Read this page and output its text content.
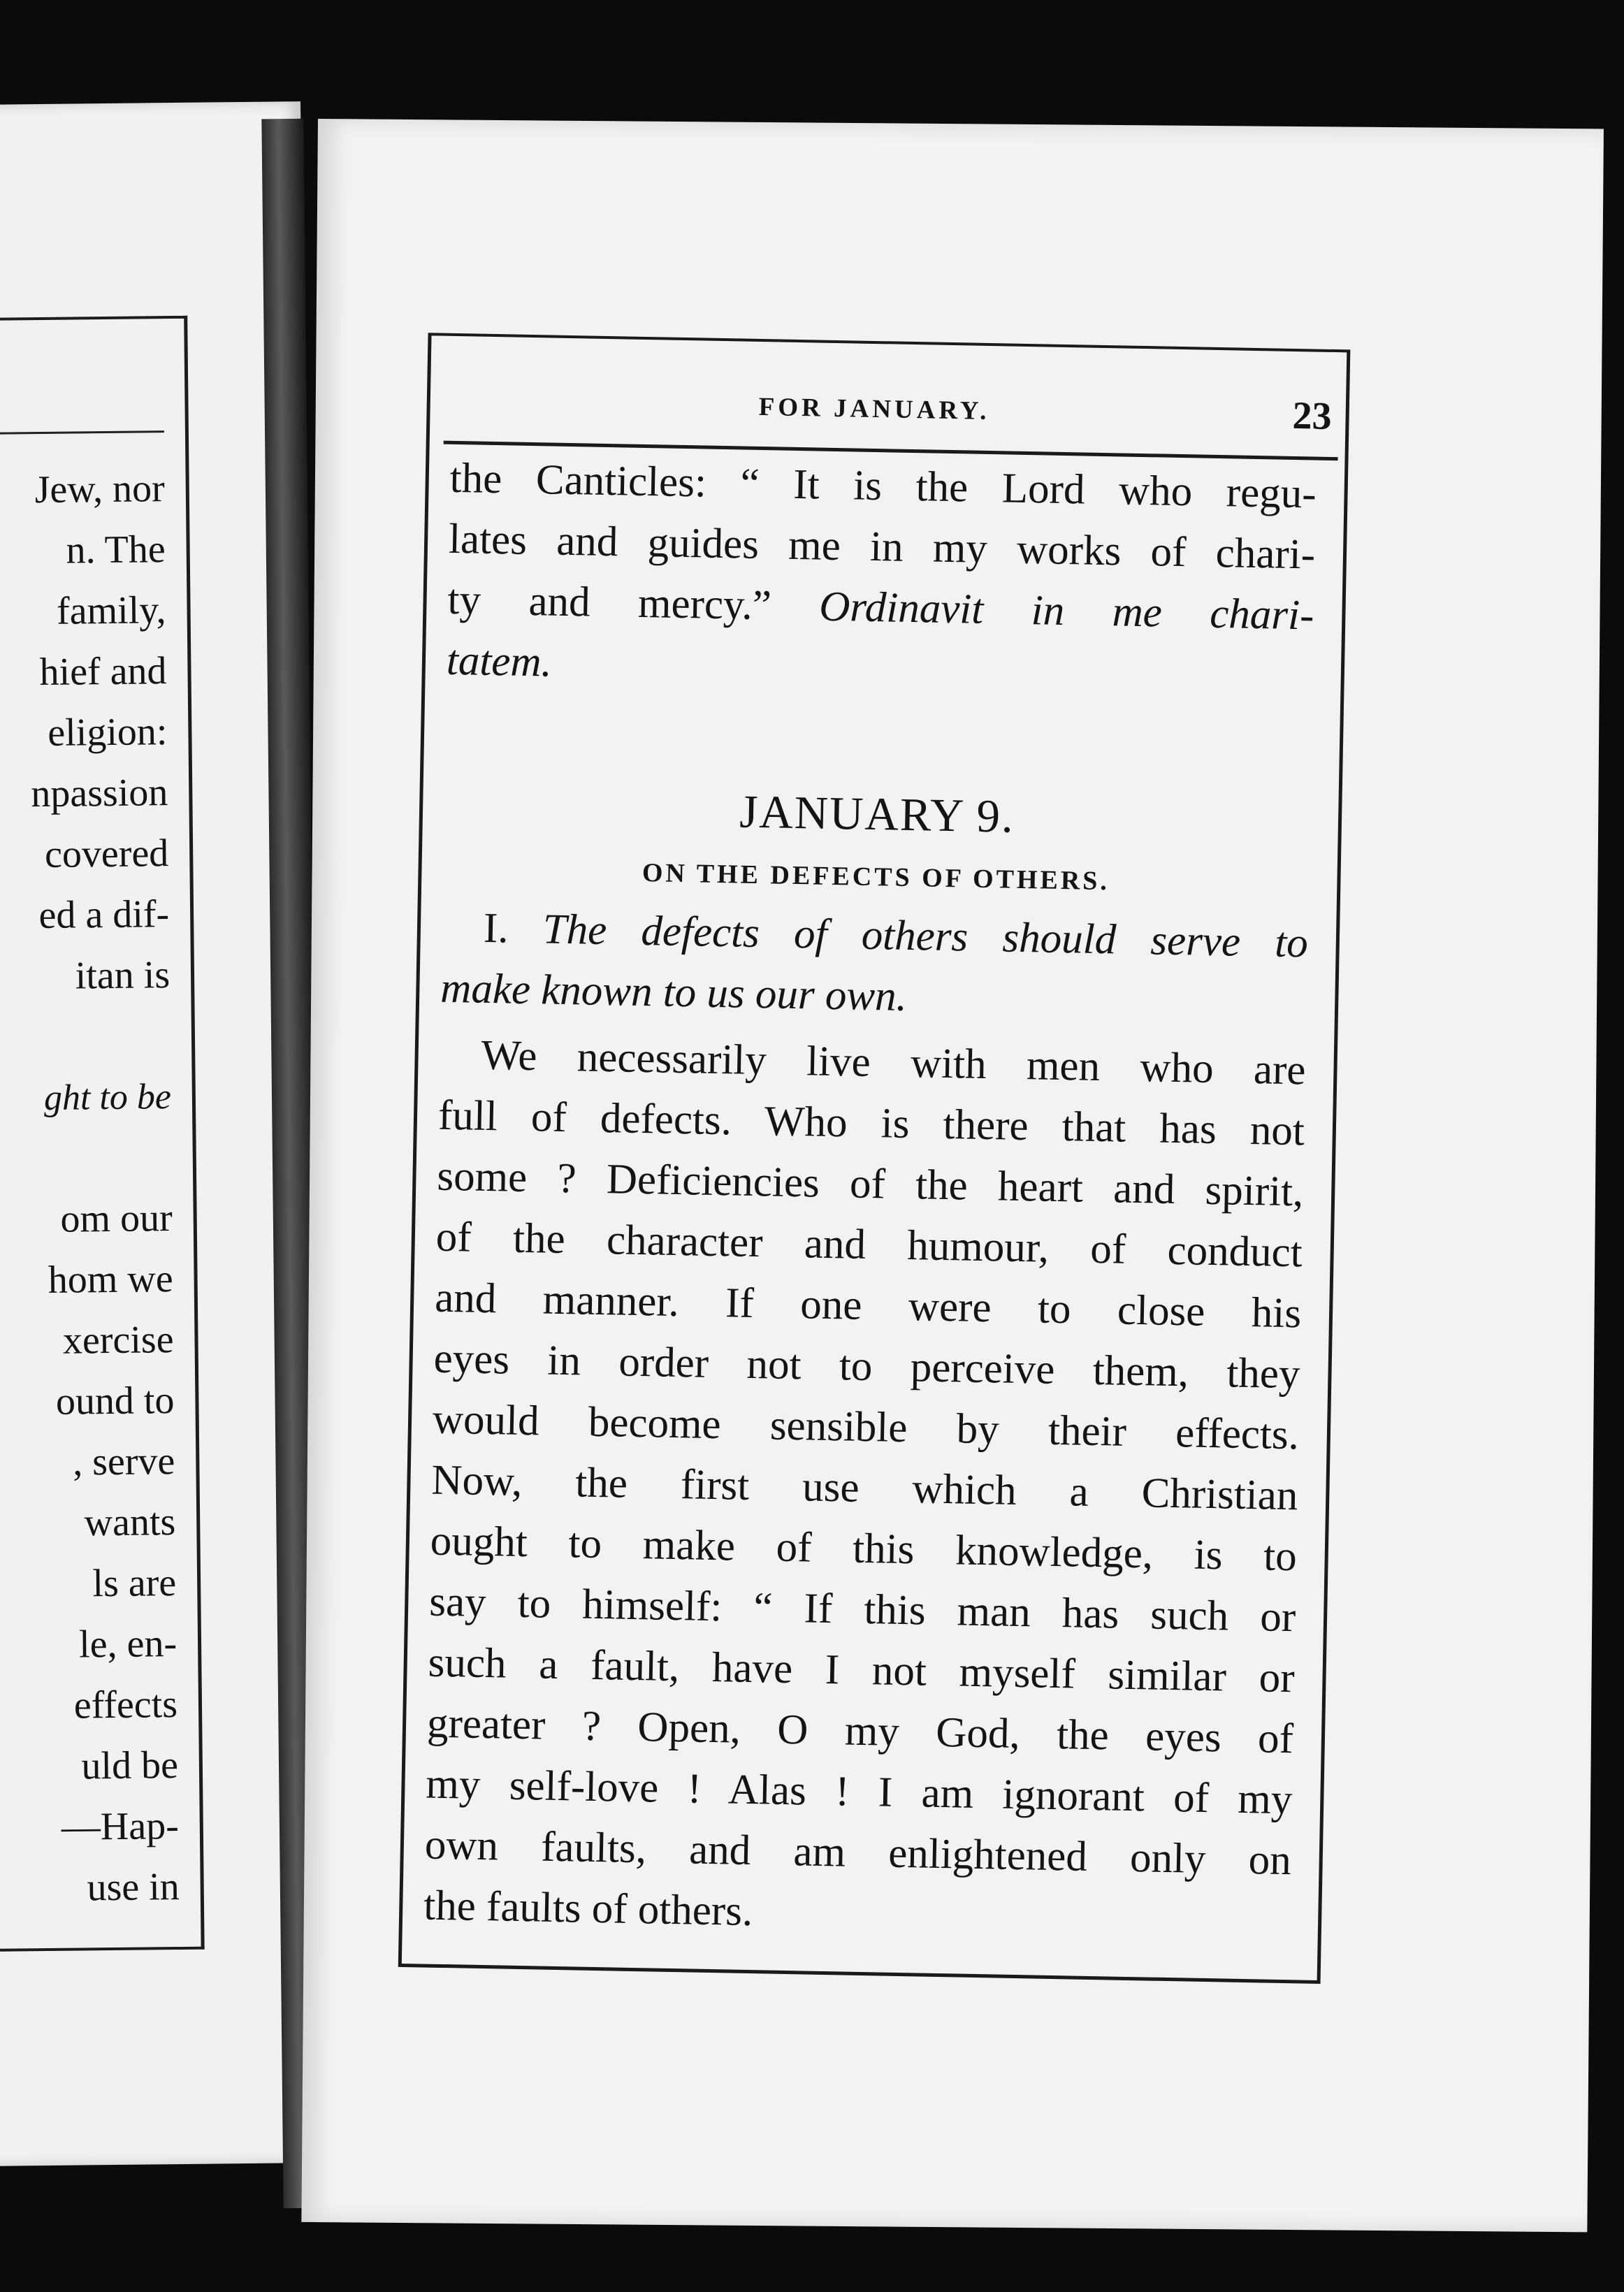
Jew, nor
n. The
family,
hief and
eligion:
npassion
covered
ed a dif-
itan is
ght to be
om our
hom we
xercise
ound to
, serve
wants
ls are
le, en-
effects
uld be
—Hap-
use in
FOR JANUARY.	23
the Canticles: “ It is the Lord who regu-
lates and guides me in my works of chari-
ty and mercy.” Ordinavit in me chari-
tatem.
JANUARY 9.
ON THE DEFECTS OF OTHERS.
I. The defects of others should serve to
make known to us our own.
We necessarily live with men who are
full of defects. Who is there that has not
some ? Deficiencies of the heart and spirit,
of the character and humour, of conduct
and manner. If one were to close his
eyes in order not to perceive them, they
would become sensible by their effects.
Now, the first use which a Christian
ought to make of this knowledge, is to
say to himself: “ If this man has such or
such a fault, have I not myself similar or
greater ? Open, O my God, the eyes of
my self-love ! Alas ! I am ignorant of my
own faults, and am enlightened only on
the faults of others.
